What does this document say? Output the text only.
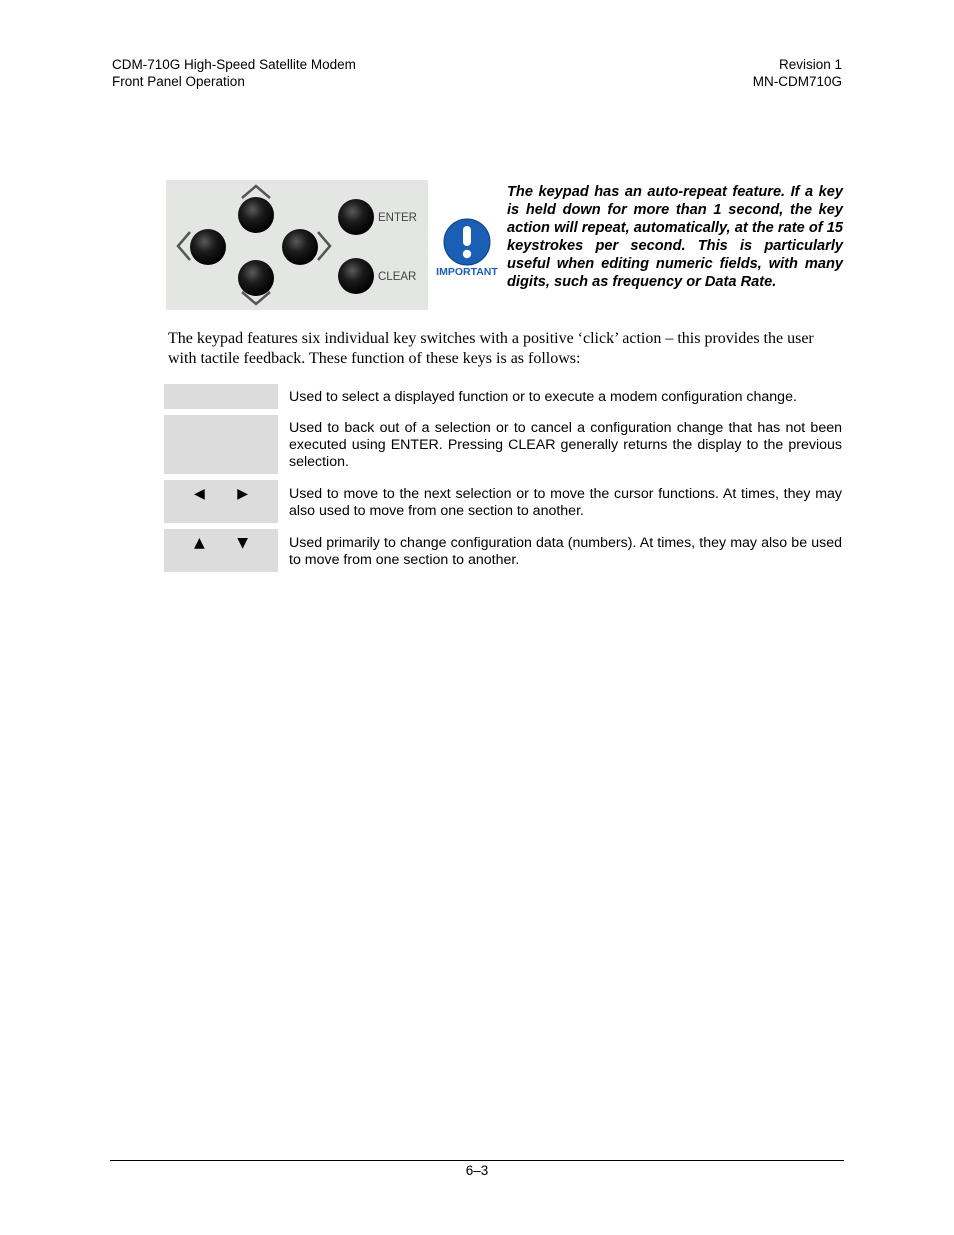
CDM-710G High-Speed Satellite Modem
Front Panel Operation
Revision 1
MN-CDM710G
ENTER
CLEAR IMPORTANT
The keypad has an auto-repeat feature. If a key is held down for more than 1 second, the key action will repeat, automatically, at the rate of 15 keystrokes per second. This is particularly useful when editing numeric fields, with many digits, such as frequency or Data Rate.
The keypad features six individual key switches with a positive ‘click’ action – this provides the user with tactile feedback. These function of these keys is as follows:
Used to select a displayed function or to execute a modem configuration change.
Used to back out of a selection or to cancel a configuration change that has not been executed using ENTER. Pressing CLEAR generally returns the display to the previous selection.
◀ ▶	Used to move to the next selection or to move the cursor functions. At times, they may also used to move from one section to another.
▲ ▼	Used primarily to change configuration data (numbers). At times, they may also be used to move from one section to another.
6–3
